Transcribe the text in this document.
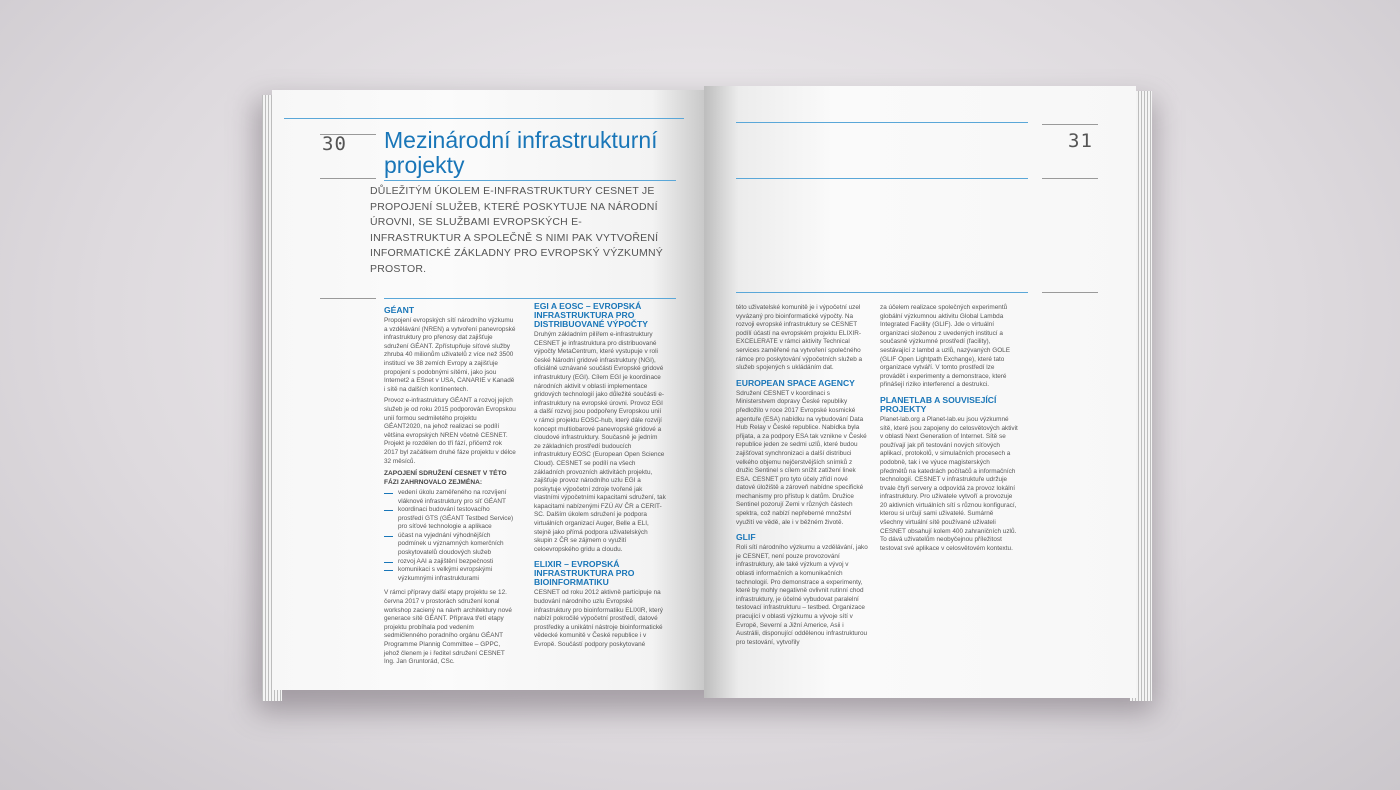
30 Mezinárodní infrastrukturní projekty
DŮLEŽITÝM ÚKOLEM E-INFRASTRUKTURY CESNET JE PROPOJENÍ SLUŽEB, KTERÉ POSKYTUJE NA NÁRODNÍ ÚROVNI, SE SLUŽBAMI EVROPSKÝCH E-INFRASTRUKTUR A SPOLEČNĚ S NIMI PAK VYTVOŘENÍ INFORMATICKÉ ZÁKLADNY PRO EVROPSKÝ VÝZKUMNÝ PROSTOR.
GÉANT

Propojení evropských sítí národního výzkumu a vzdělávání (NREN) a vytvoření panevropské infrastruktury pro přenosy dat zajišťuje sdružení GÉANT. Zpřístupňuje síťové služby zhruba 40 milionům uživatelů z více než 3500 institucí ve 38 zemích Evropy a zajišťuje propojení s podobnými sítěmi, jako jsou Internet2 a ESnet v USA, CANARIE v Kanadě i sítě na dalších kontinentech.

Provoz e-infrastruktury GÉANT a rozvoj jejích služeb je od roku 2015 podporován Evropskou unií formou sedmiletého projektu GÉANT2020, na jehož realizaci se podílí většina evropských NREN včetně CESNET. Projekt je rozdělen do tří fází, přičemž rok 2017 byl začátkem druhé fáze projektu v délce 32 měsíců.

ZAPOJENÍ SDRUŽENÍ CESNET V TÉTO FÁZI ZAHRNOVALO ZEJMÉNA:
vedení úkolu zaměřeného na rozvíjení vláknové infrastruktury pro síť GÉANT
koordinaci budování testovacího prostředí GTS (GÉANT Testbed Service) pro síťové technologie a aplikace
účast na vyjednání výhodnějších podmínek u významných komerčních poskytovatelů cloudových služeb
rozvoj AAI a zajištění bezpečnosti
komunikaci s velkými evropskými výzkumnými infrastrukturami

V rámci přípravy další etapy projektu se 12. června 2017 v prostorách sdružení konal workshop zaciený na návrh architektury nové generace sítě GÉANT. Příprava třetí etapy projektu probíhala pod vedením sedmičlenného poradního orgánu GÉANT Programme Plannig Committee – GPPC, jehož členem je i ředitel sdružení CESNET Ing. Jan Gruntorád, CSc.

EGI A EOSC – EVROPSKÁ INFRASTRUKTURA PRO DISTRIBUOVANÉ VÝPOČTY

Druhým základním pilířem e-infrastruktury CESNET je infrastruktura pro distribuované výpočty MetaCentrum, které vystupuje v roli české Národní gridové infrastruktury (NGI), oficiálně uznávané součásti Evropské gridové infrastruktury (EGI). Cílem EGI je koordinace národních aktivit v oblasti implementace gridových technologií jako důležité součásti e-infrastruktury na evropské úrovni. Provoz EGI a další rozvoj jsou podpořeny Evropskou unií v rámci projektu EOSC-hub, který dále rozvíjí koncept multiobarové panevropské gridové a cloudové infrastruktury. Současně je jedním ze základních prostředí budoucích infrastruktury EOSC (European Open Science Cloud). CESNET se podílí na všech základních provozních aktivitách projektu, zajišťuje provoz národního uzlu EGI a poskytuje výpočetní zdroje tvořené jak vlastními výpočetními kapacitami sdružení, tak kapacitami nabízenými FZÚ AV ČR a CERIT-SC. Dalším úkolem sdružení je podpora virtuálních organizací Auger, Belle a ELI, stejně jako přímá podpora uživatelských skupin z ČR se zájmem o využití celoevropského gridu a cloudu.

ELIXIR – EVROPSKÁ INFRASTRUKTURA PRO BIOINFORMATIKU

CESNET od roku 2012 aktivně participuje na budování národního uzlu Evropské infrastruktury pro bioinformatiku ELIXIR, který nabízí pokročilé výpočetní prostředí, datové prostředky a unikátní nástroje bioinformatické vědecké komunitě v České republice i v Evropě. Součástí podpory poskytované

31

této uživatelské komunitě je i výpočetní uzel vyvázaný pro bioinformatické výpočty. Na rozvoji evropské infrastruktury se CESNET podílí účastí na evropském projektu ELIXIR-EXCELERATE v rámci aktivity Technical services zaměřené na vytvoření společného rámce pro poskytování výpočetních služeb a služeb spojených s ukládáním dat.

EUROPEAN SPACE AGENCY

Sdružení CESNET v koordinaci s Ministerstvem dopravy České republiky předložilo v roce 2017 Evropské kosmické agentuře (ESA) nabídku na vybudování Data Hub Relay v České republice. Nabídka byla přijata, a za podpory ESA tak vznikne v České republice jeden ze sedmi uzlů, které budou zajišťovat synchronizaci a další distribuci velkého objemu nejčerstvějších snímků z družic Sentinel s cílem snížit zatížení linek ESA. CESNET pro tyto účely zřídí nové datové úložiště a zároveň nabídne specifické mechanismy pro přístup k datům. Družice Sentinel pozorují Zemi v různých částech spektra, což nabízí nepřeberné množství využití ve vědě, ale i v běžném životě.

GLIF

Roli sítí národního výzkumu a vzdělávání, jako je CESNET, není pouze provozování infrastruktury, ale také výzkum a vývoj v oblasti informačních a komunikačních technologií. Pro demonstrace a experimenty, které by mohly negativně ovlivnit rutinní chod infrastruktury, je účelné vybudovat paralelní testovací infrastrukturu – testbed. Organizace pracující v oblasti výzkumu a vývoje sítí v Evropě, Severní a Jižní Americe, Asii i Austrálii, disponující oddělenou infrastrukturou pro testování, vytvořily

za účelem realizace společných experimentů globální výzkumnou aktivitu Global Lambda Integrated Facility (GLIF). Jde o virtuální organizaci složenou z uvedených institucí a současně výzkumné prostředí (facility), sestávající z lambd a uzlů, nazývaných GOLE (GLIF Open Lightpath Exchange), které tato organizace vytváří. V tomto prostředí lze provádět i experimenty a demonstrace, které přinášejí riziko interferencí a destrukci.

PLANETLAB A SOUVISEJÍCÍ PROJEKTY

Planet-lab.org a Planet-lab.eu jsou výzkumné sítě, které jsou zapojeny do celosvětových aktivit v oblasti Next Generation of Internet. Sítě se používají jak při testování nových síťových aplikací, protokolů, v simulačních procesech a podobně, tak i ve výuce magisterských předmětů na katedrách počítačů a informačních technologií. CESNET v infrastruktuře udržuje trvale čtyři servery a odpovídá za provoz lokální infrastruktury. Pro uživatele vytvoří a provozuje 20 aktivních virtuálních sítí s různou konfigurací, kterou si určují sami uživatelé. Sumárně všechny virtuální sítě používané uživateli CESNET obsahují kolem 400 zahraničních uzlů. To dává uživatelům neobyčejnou příležitost testovat své aplikace v celosvětovém kontextu.
